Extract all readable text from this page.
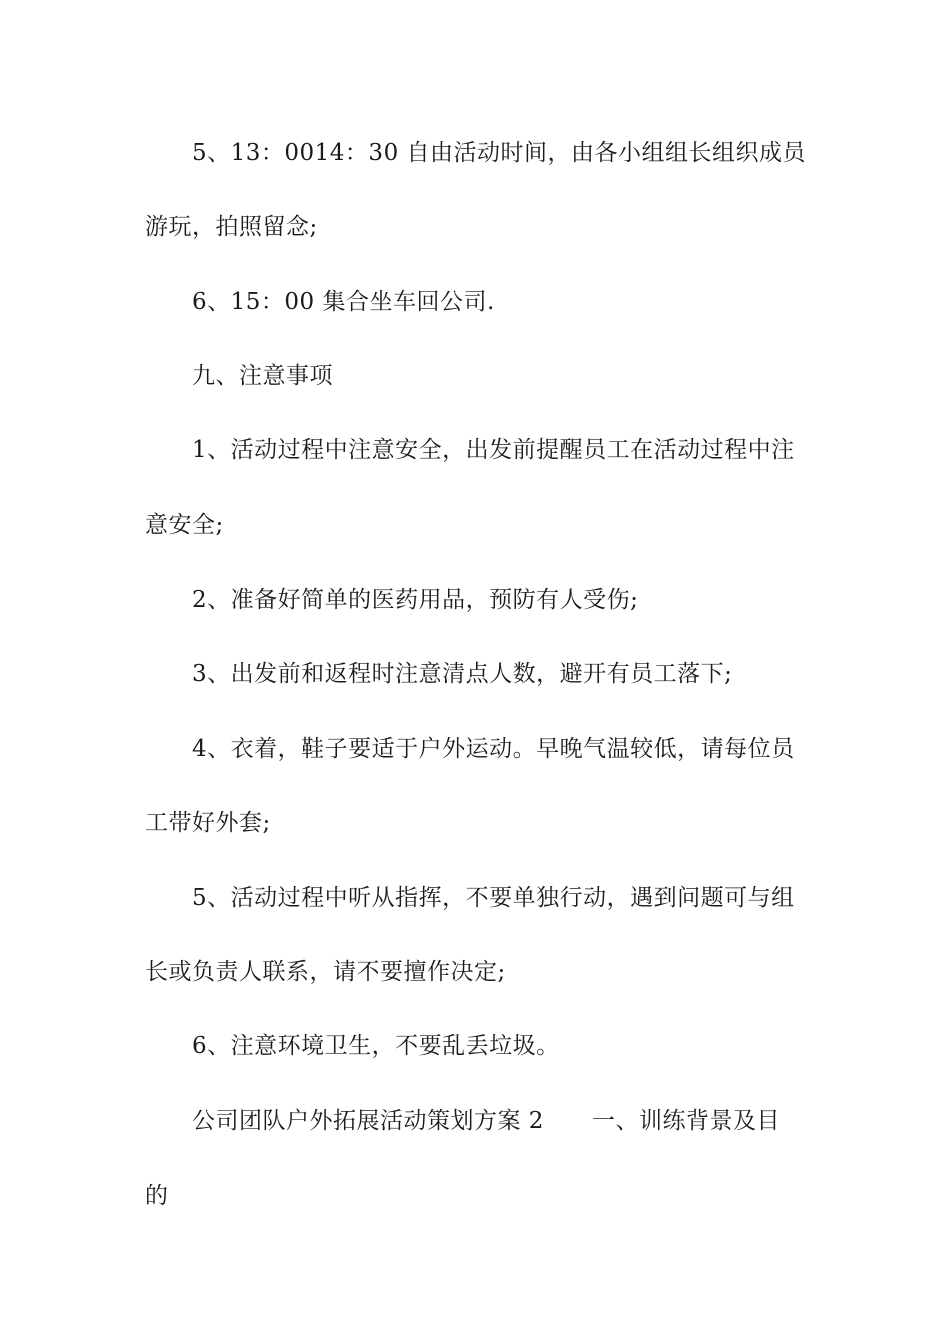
5、13：0014：30 自由活动时间，由各小组组长组织成员
游玩，拍照留念;
6、15：00 集合坐车回公司.
九、注意事项
1、活动过程中注意安全，出发前提醒员工在活动过程中注
意安全;
2、准备好简单的医药用品，预防有人受伤;
3、出发前和返程时注意清点人数，避开有员工落下;
4、衣着，鞋子要适于户外运动。早晚气温较低，请每位员
工带好外套;
5、活动过程中听从指挥，不要单独行动，遇到问题可与组
长或负责人联系，请不要擅作决定;
6、注意环境卫生，不要乱丢垃圾。
公司团队户外拓展活动策划方案 2 一、训练背景及目
的
